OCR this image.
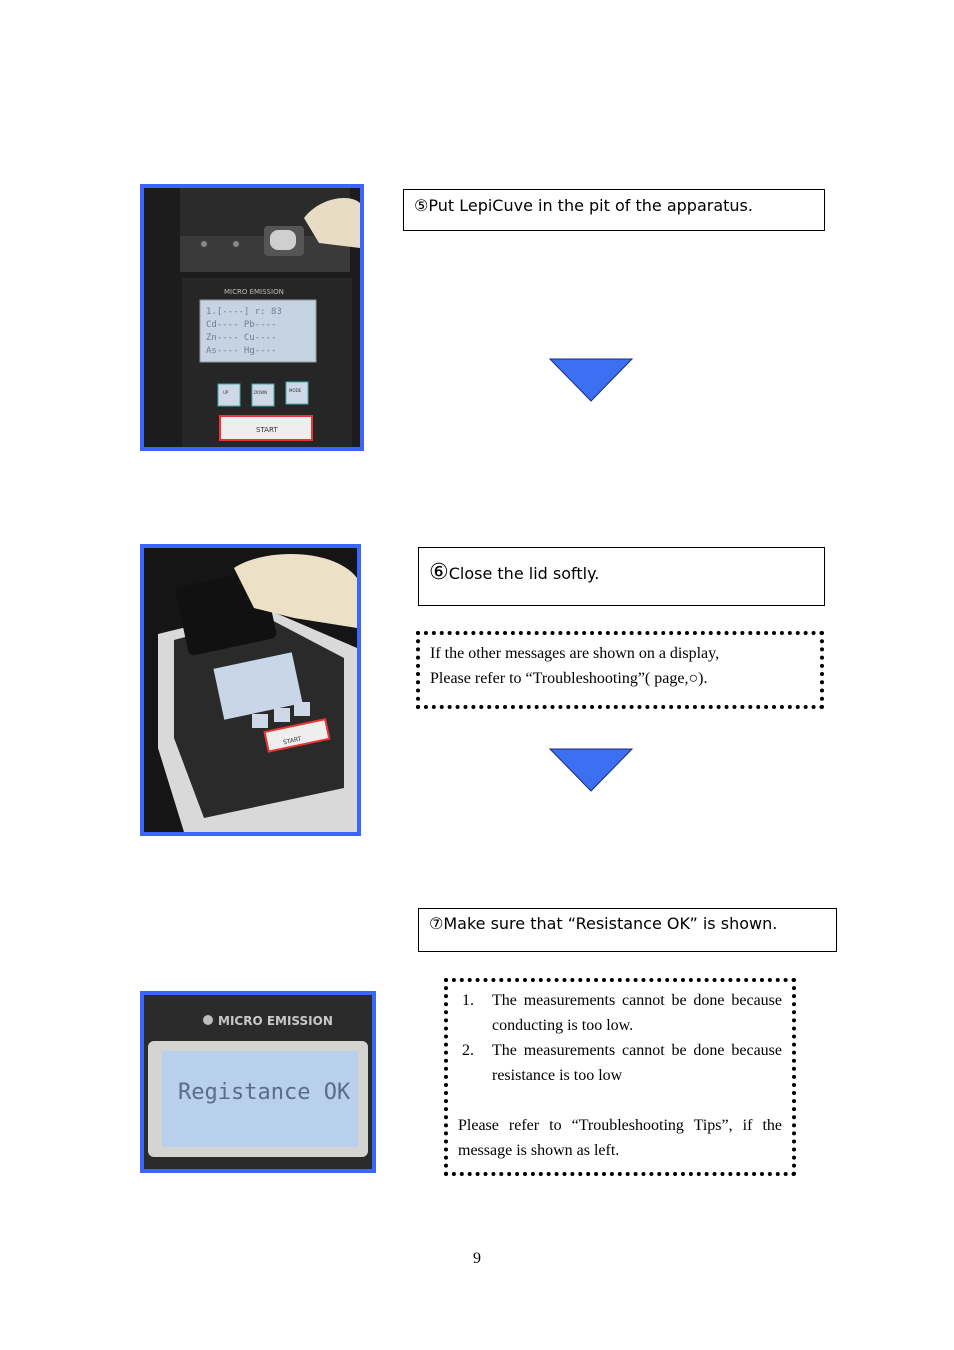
MICRO EMISSION
1.[----] r: 83
Cd---- Pb----
Zn---- Cu----
As---- Hg----
UP	DOWN	MODE
START
⑤Put LepiCuve in the pit of the apparatus.
START
⑥Close the lid softly.
If the other messages are shown on a display,
Please refer to “Troubleshooting”( page,○).
⑦Make sure that “Resistance OK” is shown.
MICRO EMISSION
Registance OK
1. The measurements cannot be done because conducting is too low.
2. The measurements cannot be done because resistance is too low
Please refer to “Troubleshooting Tips”, if the message is shown as left.
9
